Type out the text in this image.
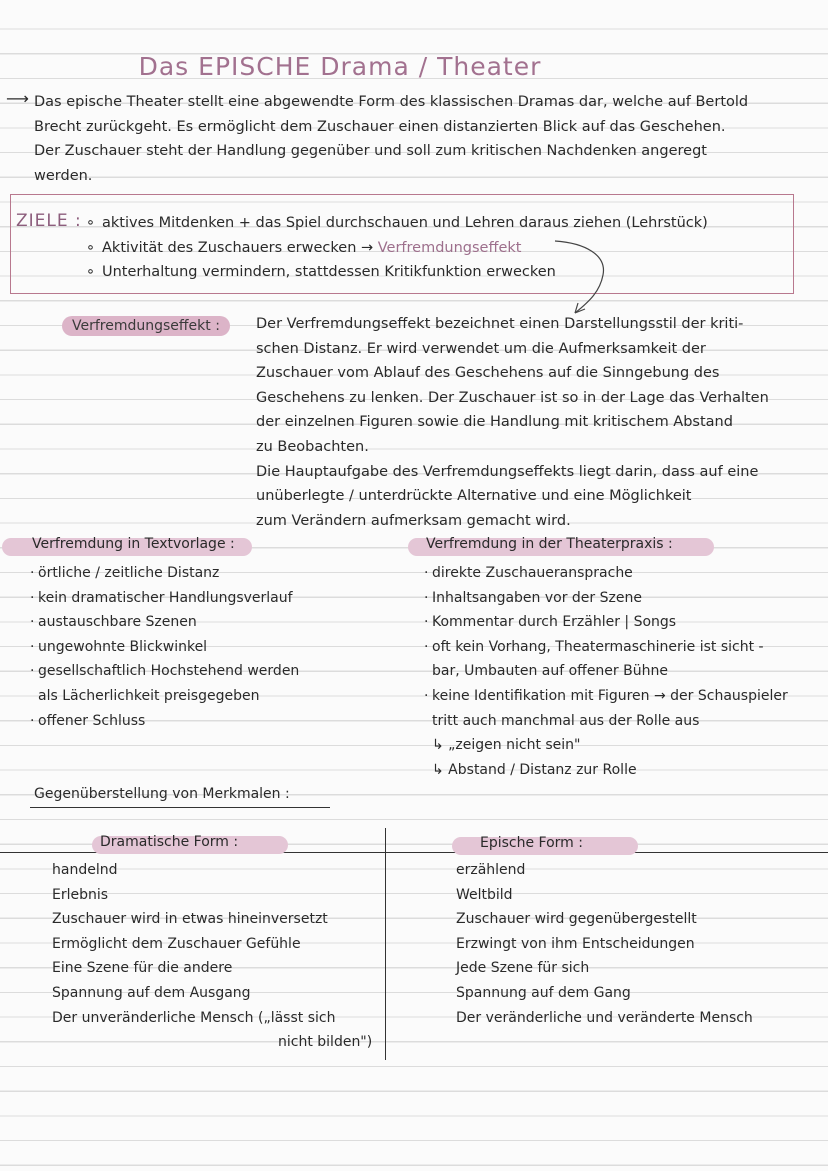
Das EPISCHE Drama / Theater
⟶ Das epische Theater stellt eine abgewendte Form des klassischen Dramas dar, welche auf Bertold
Brecht zurückgeht. Es ermöglicht dem Zuschauer einen distanzierten Blick auf das Geschehen.
Der Zuschauer steht der Handlung gegenüber und soll zum kritischen Nachdenken angeregt
werden.
ZIELE : ∘ aktives Mitdenken + das Spiel durchschauen und Lehren daraus ziehen (Lehrstück)
∘ Aktivität des Zuschauers erwecken → Verfremdungseffekt
∘ Unterhaltung vermindern, stattdessen Kritikfunktion erwecken
Verfremdungseffekt :	Der Verfremdungseffekt bezeichnet einen Darstellungsstil der kriti-
schen Distanz. Er wird verwendet um die Aufmerksamkeit der
Zuschauer vom Ablauf des Geschehens auf die Sinngebung des
Geschehens zu lenken. Der Zuschauer ist so in der Lage das Verhalten
der einzelnen Figuren sowie die Handlung mit kritischem Abstand
zu Beobachten.
Die Hauptaufgabe des Verfremdungseffekts liegt darin, dass auf eine
unüberlegte / unterdrückte Alternative und eine Möglichkeit
zum Verändern aufmerksam gemacht wird.
Verfremdung in Textvorlage :
· örtliche / zeitliche Distanz
· kein dramatischer Handlungsverlauf
· austauschbare Szenen
· ungewohnte Blickwinkel
· gesellschaftlich Hochstehend werden
als Lächerlichkeit preisgegeben
· offener Schluss
Verfremdung in der Theaterpraxis :
· direkte Zuschaueransprache
· Inhaltsangaben vor der Szene
· Kommentar durch Erzähler | Songs
· oft kein Vorhang, Theatermaschinerie ist sicht -
bar, Umbauten auf offener Bühne
· keine Identifikation mit Figuren → der Schauspieler
tritt auch manchmal aus der Rolle aus
↳ „zeigen nicht sein"
↳ Abstand / Distanz zur Rolle
Gegenüberstellung von Merkmalen :
Dramatische Form :	Epische Form :
handelnd
Erlebnis
Zuschauer wird in etwas hineinversetzt
Ermöglicht dem Zuschauer Gefühle
Eine Szene für die andere
Spannung auf dem Ausgang
Der unveränderliche Mensch („lässt sich
nicht bilden")
erzählend
Weltbild
Zuschauer wird gegenübergestellt
Erzwingt von ihm Entscheidungen
Jede Szene für sich
Spannung auf dem Gang
Der veränderliche und veränderte Mensch
